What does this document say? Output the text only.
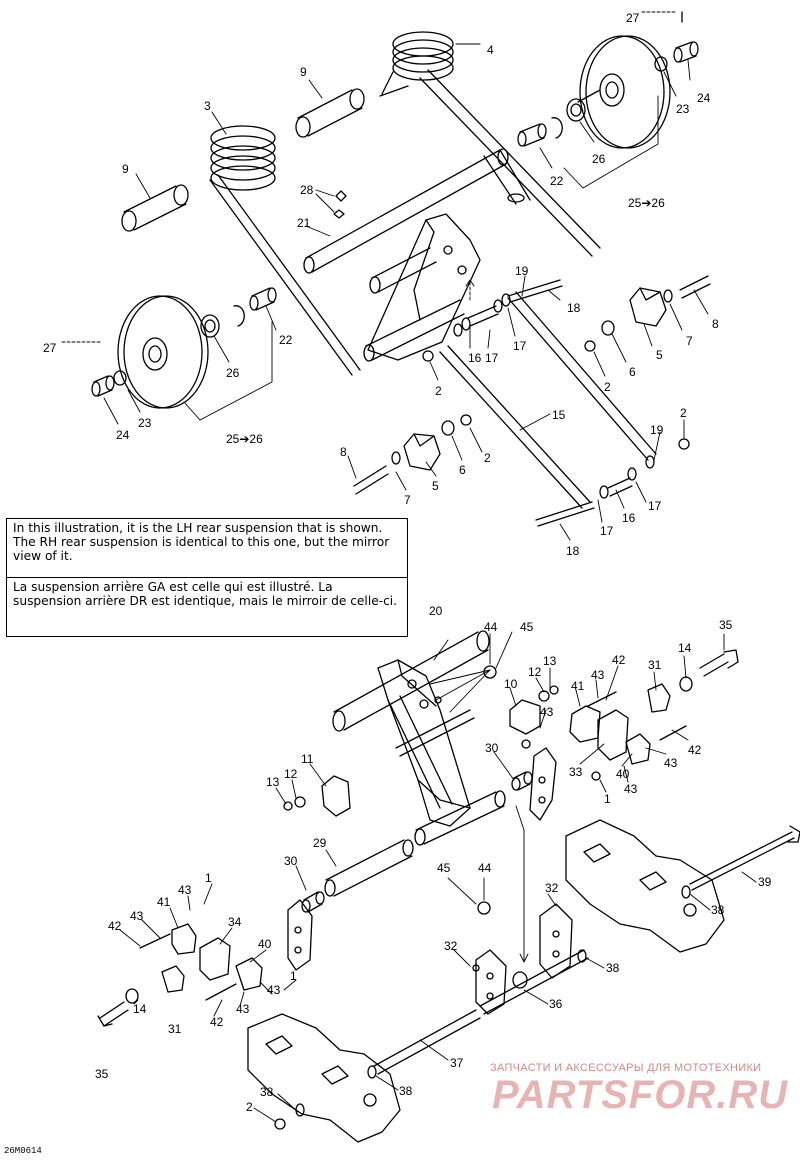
27
4
9
3
24
23
26
9
22
28
25➔26
21
19
18
8
7
27
22
16 17
17
5
26	6
2	2
23
24
15
25➔26
19
2
8	2
6
5
7	17
16
17
18
20
44 45	35
13	42
12
41
43
31
14
10
43
30
11
42
33	40
43
12
13
1
43
29
30	45 44
39
1
43	32
41
38
43	34
42
32
40
38
1
43
36
14
31 42
43
37
35
38
38
2

In this illustration, it is the LH rear suspension that is shown. The RH rear suspension is identical to this one, but the mirror view of it.

La suspension arrière GA est celle qui est illustré. La suspension arrière DR est identique, mais le mirroir de celle-ci.

26M0614
ЗАПЧАСТИ И АКСЕССУАРЫ ДЛЯ МОТОТЕХНИКИ
PARTSFOR.RU
